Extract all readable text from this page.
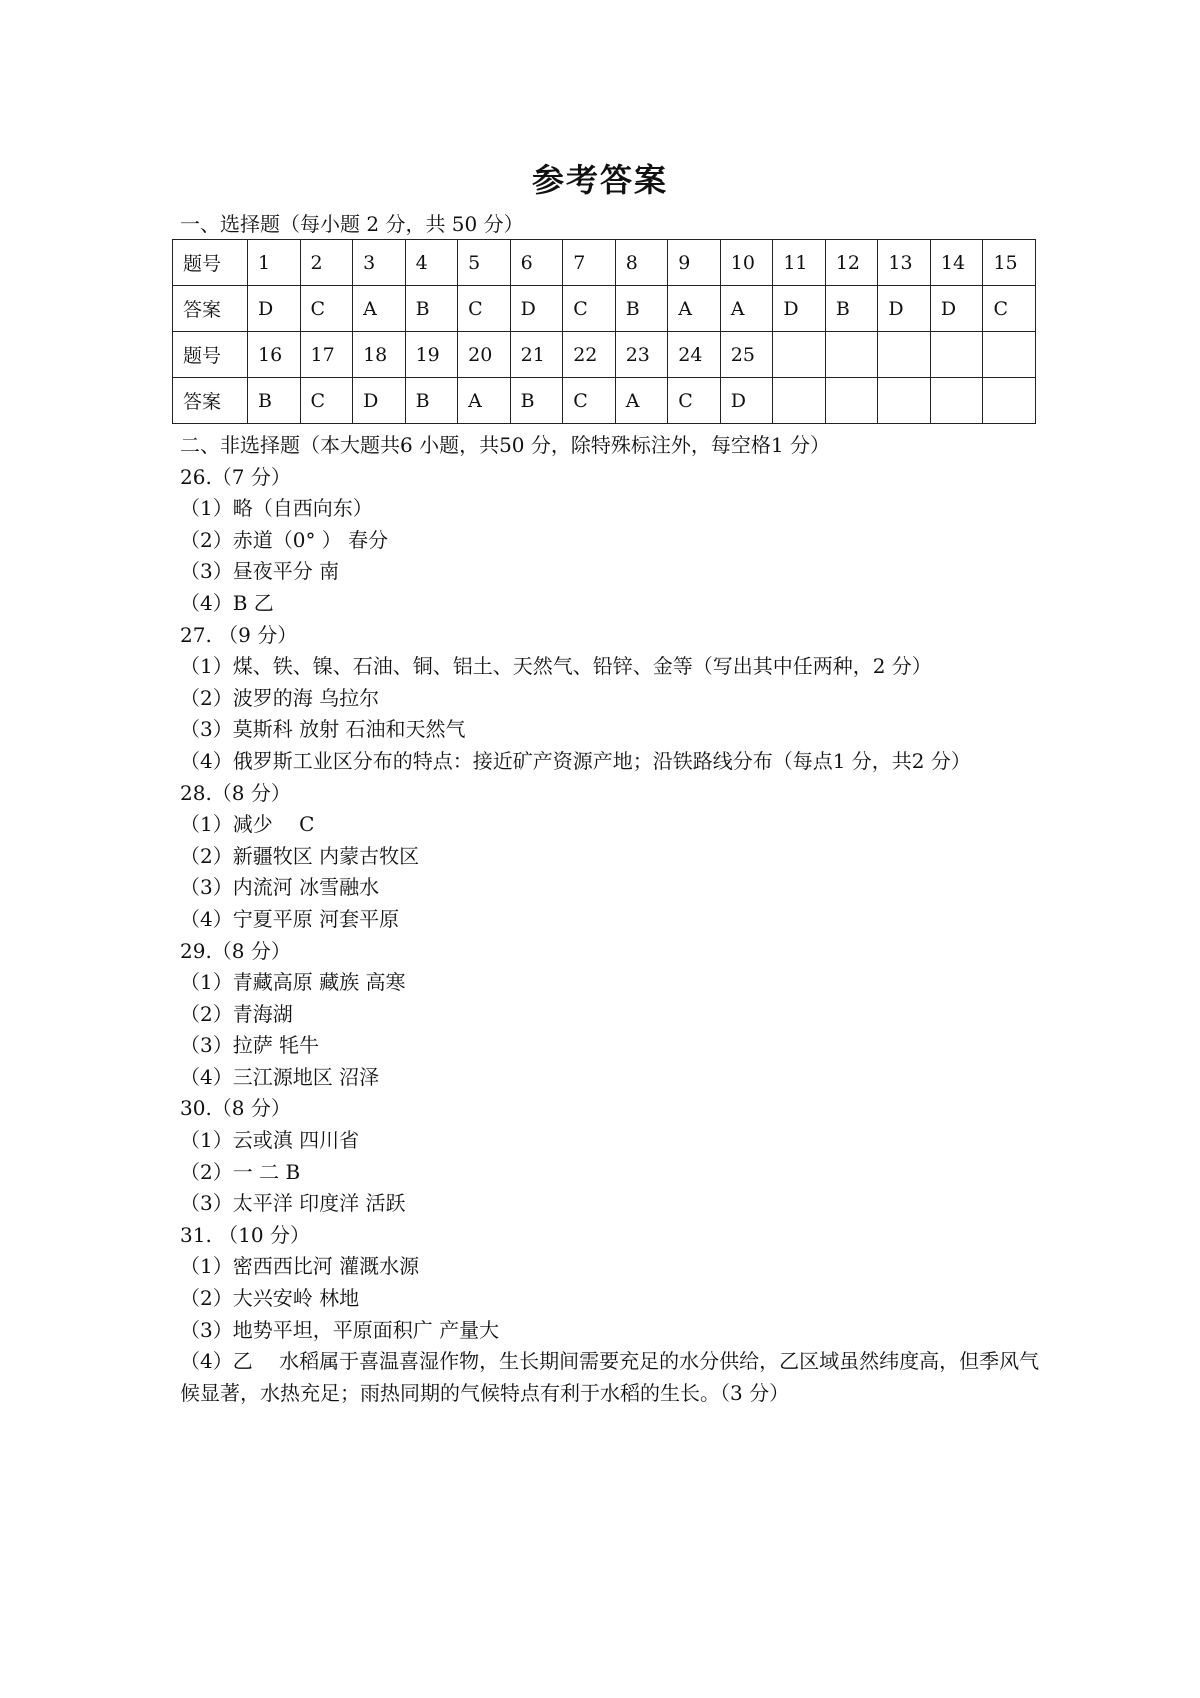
参考答案
一、选择题（每小题 2 分，共 50 分）
题号	1	2	3	4	5	6	7	8	9	10	11	12	13	14	15
答案	D	C	A	B	C	D	C	B	A	A	D	B	D	D	C
题号	16	17	18	19	20	21	22	23	24	25					
答案	B	C	D	B	A	B	C	A	C	D					
二、非选择题（本大题共6 小题，共50 分，除特殊标注外，每空格1 分）
26.（7 分）
（1）略（自西向东）
（2）赤道（0° ） 春分
（3）昼夜平分 南
（4）B 乙
27. （9 分）
（1）煤、铁、镍、石油、铜、铝土、天然气、铅锌、金等（写出其中任两种，2 分）
（2）波罗的海 乌拉尔
（3）莫斯科 放射 石油和天然气
（4）俄罗斯工业区分布的特点：接近矿产资源产地；沿铁路线分布（每点1 分，共2 分）
28.（8 分）
（1）减少　 C
（2）新疆牧区 内蒙古牧区
（3）内流河 冰雪融水
（4）宁夏平原 河套平原
29.（8 分）
（1）青藏高原 藏族 高寒
（2）青海湖
（3）拉萨 牦牛
（4）三江源地区 沼泽
30.（8 分）
（1）云或滇 四川省
（2）一 二 B
（3）太平洋 印度洋 活跃
31. （10 分）
（1）密西西比河 灌溉水源
（2）大兴安岭 林地
（3）地势平坦，平原面积广 产量大
（4）乙　 水稻属于喜温喜湿作物，生长期间需要充足的水分供给，乙区域虽然纬度高，但季风气候显著，水热充足；雨热同期的气候特点有利于水稻的生长。（3 分）
